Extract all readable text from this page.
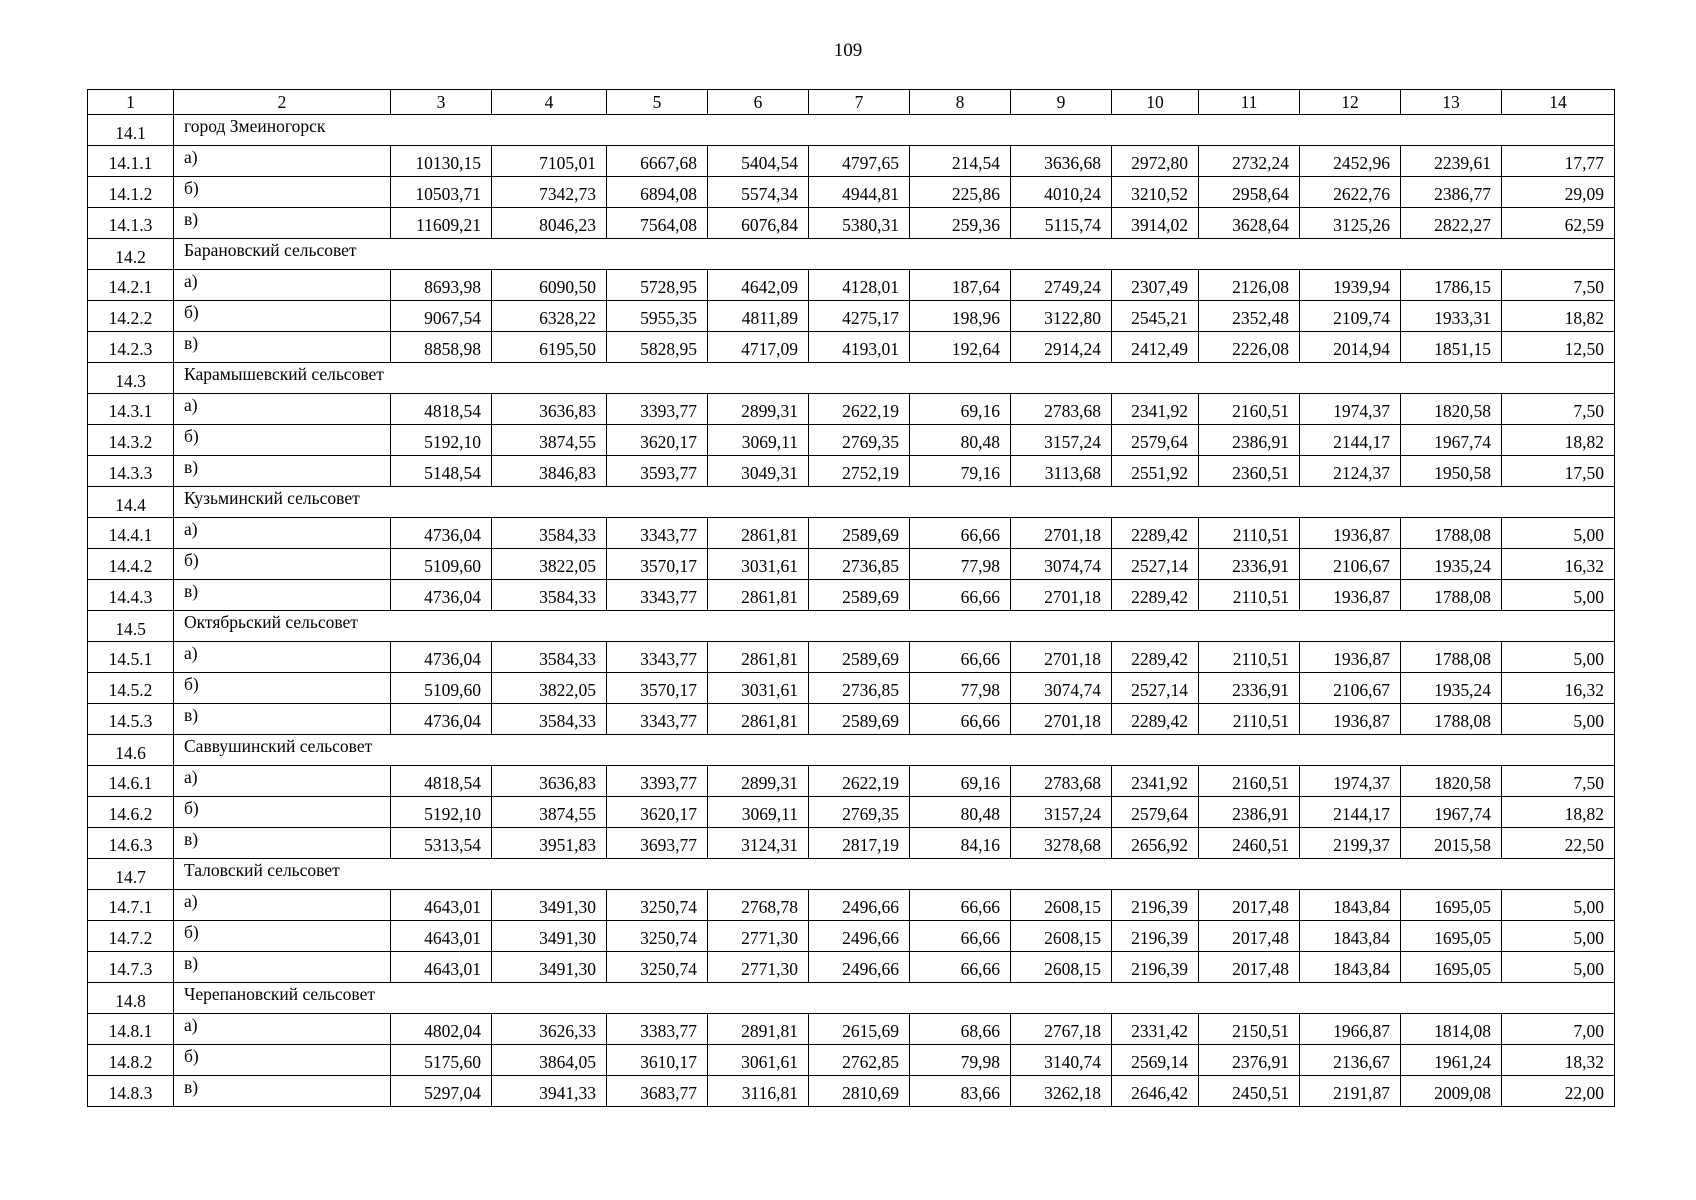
109
1	2	3	4	5	6	7	8	9	10	11	12	13	14
14.1	город Змеиногорск												
14.1.1	а)	10130,15	7105,01	6667,68	5404,54	4797,65	214,54	3636,68	2972,80	2732,24	2452,96	2239,61	17,77
14.1.2	б)	10503,71	7342,73	6894,08	5574,34	4944,81	225,86	4010,24	3210,52	2958,64	2622,76	2386,77	29,09
14.1.3	в)	11609,21	8046,23	7564,08	6076,84	5380,31	259,36	5115,74	3914,02	3628,64	3125,26	2822,27	62,59
14.2	Барановский сельсовет												
14.2.1	а)	8693,98	6090,50	5728,95	4642,09	4128,01	187,64	2749,24	2307,49	2126,08	1939,94	1786,15	7,50
14.2.2	б)	9067,54	6328,22	5955,35	4811,89	4275,17	198,96	3122,80	2545,21	2352,48	2109,74	1933,31	18,82
14.2.3	в)	8858,98	6195,50	5828,95	4717,09	4193,01	192,64	2914,24	2412,49	2226,08	2014,94	1851,15	12,50
14.3	Карамышевский сельсовет												
14.3.1	а)	4818,54	3636,83	3393,77	2899,31	2622,19	69,16	2783,68	2341,92	2160,51	1974,37	1820,58	7,50
14.3.2	б)	5192,10	3874,55	3620,17	3069,11	2769,35	80,48	3157,24	2579,64	2386,91	2144,17	1967,74	18,82
14.3.3	в)	5148,54	3846,83	3593,77	3049,31	2752,19	79,16	3113,68	2551,92	2360,51	2124,37	1950,58	17,50
14.4	Кузьминский сельсовет												
14.4.1	а)	4736,04	3584,33	3343,77	2861,81	2589,69	66,66	2701,18	2289,42	2110,51	1936,87	1788,08	5,00
14.4.2	б)	5109,60	3822,05	3570,17	3031,61	2736,85	77,98	3074,74	2527,14	2336,91	2106,67	1935,24	16,32
14.4.3	в)	4736,04	3584,33	3343,77	2861,81	2589,69	66,66	2701,18	2289,42	2110,51	1936,87	1788,08	5,00
14.5	Октябрьский сельсовет												
14.5.1	а)	4736,04	3584,33	3343,77	2861,81	2589,69	66,66	2701,18	2289,42	2110,51	1936,87	1788,08	5,00
14.5.2	б)	5109,60	3822,05	3570,17	3031,61	2736,85	77,98	3074,74	2527,14	2336,91	2106,67	1935,24	16,32
14.5.3	в)	4736,04	3584,33	3343,77	2861,81	2589,69	66,66	2701,18	2289,42	2110,51	1936,87	1788,08	5,00
14.6	Саввушинский сельсовет												
14.6.1	а)	4818,54	3636,83	3393,77	2899,31	2622,19	69,16	2783,68	2341,92	2160,51	1974,37	1820,58	7,50
14.6.2	б)	5192,10	3874,55	3620,17	3069,11	2769,35	80,48	3157,24	2579,64	2386,91	2144,17	1967,74	18,82
14.6.3	в)	5313,54	3951,83	3693,77	3124,31	2817,19	84,16	3278,68	2656,92	2460,51	2199,37	2015,58	22,50
14.7	Таловский сельсовет												
14.7.1	а)	4643,01	3491,30	3250,74	2768,78	2496,66	66,66	2608,15	2196,39	2017,48	1843,84	1695,05	5,00
14.7.2	б)	4643,01	3491,30	3250,74	2771,30	2496,66	66,66	2608,15	2196,39	2017,48	1843,84	1695,05	5,00
14.7.3	в)	4643,01	3491,30	3250,74	2771,30	2496,66	66,66	2608,15	2196,39	2017,48	1843,84	1695,05	5,00
14.8	Черепановский сельсовет												
14.8.1	а)	4802,04	3626,33	3383,77	2891,81	2615,69	68,66	2767,18	2331,42	2150,51	1966,87	1814,08	7,00
14.8.2	б)	5175,60	3864,05	3610,17	3061,61	2762,85	79,98	3140,74	2569,14	2376,91	2136,67	1961,24	18,32
14.8.3	в)	5297,04	3941,33	3683,77	3116,81	2810,69	83,66	3262,18	2646,42	2450,51	2191,87	2009,08	22,00
